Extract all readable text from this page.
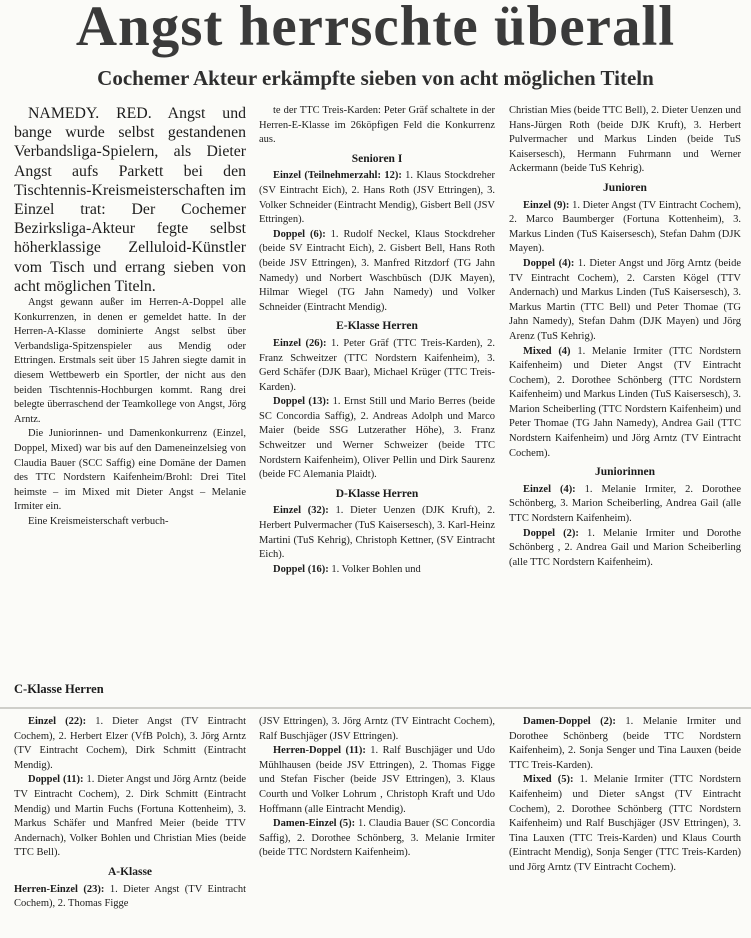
Angst herrschte überall
Cochemer Akteur erkämpfte sieben von acht möglichen Titeln

NAMEDY. RED. Angst und bange wurde selbst gestandenen Verbandsliga-Spielern, als Dieter Angst aufs Parkett bei den Tischtennis-Kreismeisterschaften im Einzel trat: Der Cochemer Bezirksliga-Akteur fegte selbst höherklassige Zelluloid-Künstler vom Tisch und errang sieben von acht möglichen Titeln.

Angst gewann außer im Herren-A-Doppel alle Konkurrenzen, in denen er gemeldet hatte. In der Herren-A-Klasse dominierte Angst selbst über Verbandsliga-Spitzenspieler aus Mendig oder Ettringen. Erstmals seit über 15 Jahren siegte damit in diesem Wettbewerb ein Sportler, der nicht aus den beiden Tischtennis-Hochburgen kommt. Rang drei belegte überraschend der Teamkollege von Angst, Jörg Arntz.

Die Juniorinnen- und Damenkonkurrenz (Einzel, Doppel, Mixed) war bis auf den Dameneinzelsieg von Claudia Bauer (SCC Saffig) eine Domäne der Damen des TTC Nordstern Kaifenheim/Brohl: Drei Titel heimste – im Mixed mit Dieter Angst – Melanie Irmiter ein.

Eine Kreismeisterschaft verbuch-

C-Klasse Herren

te der TTC Treis-Karden: Peter Gräf schaltete in der Herren-E-Klasse im 26köpfigen Feld die Konkurrenz aus.

Senioren I

Einzel (Teilnehmerzahl: 12): 1. Klaus Stockdreher (SV Eintracht Eich), 2. Hans Roth (JSV Ettringen), 3. Volker Schneider (Eintracht Mendig), Gisbert Bell (JSV Ettringen).

Doppel (6): 1. Rudolf Neckel, Klaus Stockdreher (beide SV Eintracht Eich), 2. Gisbert Bell, Hans Roth (beide JSV Ettringen), 3. Manfred Ritzdorf (TG Jahn Namedy) und Norbert Waschbüsch (DJK Mayen), Hilmar Wiegel (TG Jahn Namedy) und Volker Schneider (Eintracht Mendig).

E-Klasse Herren

Einzel (26): 1. Peter Gräf (TTC Treis-Karden), 2. Franz Schweitzer (TTC Nordstern Kaifenheim), 3. Gerd Schäfer (DJK Baar), Michael Krüger (TTC Treis-Karden).

Doppel (13): 1. Ernst Still und Mario Berres (beide SC Concordia Saffig), 2. Andreas Adolph und Marco Maier (beide SSG Lutzerather Höhe), 3. Franz Schweitzer und Werner Schweizer (beide TTC Nordstern Kaifenheim), Oliver Pellin und Dirk Saurenz (beide FC Alemania Plaidt).

D-Klasse Herren

Einzel (32): 1. Dieter Uenzen (DJK Kruft), 2. Herbert Pulvermacher (TuS Kaisersesch), 3. Karl-Heinz Martini (TuS Kehrig), Christoph Kettner, (SV Eintracht Eich).

Doppel (16): 1. Volker Bohlen und

Christian Mies (beide TTC Bell), 2. Dieter Uenzen und Hans-Jürgen Roth (beide DJK Kruft), 3. Herbert Pulvermacher und Markus Linden (beide TuS Kaisersesch), Hermann Fuhrmann und Werner Ackermann (beide TuS Kehrig).

Junioren

Einzel (9): 1. Dieter Angst (TV Eintracht Cochem), 2. Marco Baumberger (Fortuna Kottenheim), 3. Markus Linden (TuS Kaisersesch), Stefan Dahm (DJK Mayen).

Doppel (4): 1. Dieter Angst und Jörg Arntz (beide TV Eintracht Cochem), 2. Carsten Kögel (TTV Andernach) und Markus Linden (TuS Kaisersesch), 3. Markus Martin (TTC Bell) und Peter Thomae (TG Jahn Namedy), Stefan Dahm (DJK Mayen) und Jörg Arenz (TuS Kehrig).

Mixed (4) 1. Melanie Irmiter (TTC Nordstern Kaifenheim) und Dieter Angst (TV Eintracht Cochem), 2. Dorothee Schönberg (TTC Nordstern Kaifenheim) und Markus Linden (TuS Kaisersesch), 3. Marion Scheiberling (TTC Nordstern Kaifenheim) und Peter Thomae (TG Jahn Namedy), Andrea Gail (TTC Nordstern Kaifenheim) und Jörg Arntz (TV Eintracht Cochem).

Juniorinnen

Einzel (4): 1. Melanie Irmiter, 2. Dorothee Schönberg, 3. Marion Scheiberling, Andrea Gail (alle TTC Nordstern Kaifenheim).

Doppel (2): 1. Melanie Irmiter und Dorothe Schönberg , 2. Andrea Gail und Marion Scheiberling (alle TTC Nordstern Kaifenheim).

Einzel (22): 1. Dieter Angst (TV Eintracht Cochem), 2. Herbert Elzer (VfB Polch), 3. Jörg Arntz (TV Eintracht Cochem), Dirk Schmitt (Eintracht Mendig).

Doppel (11): 1. Dieter Angst und Jörg Arntz (beide TV Eintracht Cochem), 2. Dirk Schmitt (Eintracht Mendig) und Martin Fuchs (Fortuna Kottenheim), 3. Markus Schäfer und Manfred Meier (beide TTV Andernach), Volker Bohlen und Christian Mies (beide TTC Bell).

A-Klasse

Herren-Einzel (23): 1. Dieter Angst (TV Eintracht Cochem), 2. Thomas Figge

(JSV Ettringen), 3. Jörg Arntz (TV Eintracht Cochem), Ralf Buschjäger (JSV Ettringen).

Herren-Doppel (11): 1. Ralf Buschjäger und Udo Mühlhausen (beide JSV Ettringen), 2. Thomas Figge und Stefan Fischer (beide JSV Ettringen), 3. Klaus Courth und Volker Lohrum , Christoph Kraft und Udo Hoffmann (alle Eintracht Mendig).

Damen-Einzel (5): 1. Claudia Bauer (SC Concordia Saffig), 2. Dorothee Schönberg, 3. Melanie Irmiter (beide TTC Nordstern Kaifenheim).

Damen-Doppel (2): 1. Melanie Irmiter und Dorothee Schönberg (beide TTC Nordstern Kaifenheim), 2. Sonja Senger und Tina Lauxen (beide TTC Treis-Karden).

Mixed (5): 1. Melanie Irmiter (TTC Nordstern Kaifenheim) und Dieter sAngst (TV Eintracht Cochem), 2. Dorothee Schönberg (TTC Nordstern Kaifenheim) und Ralf Buschjäger (JSV Ettringen), 3. Tina Lauxen (TTC Treis-Karden) und Klaus Courth (Eintracht Mendig), Sonja Senger (TTC Treis-Karden) und Jörg Arntz (TV Eintracht Cochem).
